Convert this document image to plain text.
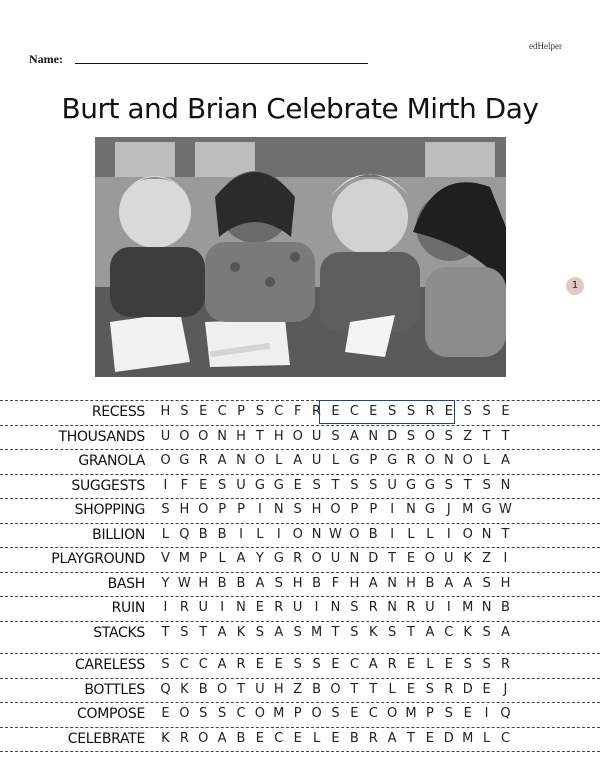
edHelper
Name:
Burt and Brian Celebrate Mirth Day
1
RECESS	H S E C P S C F R E C E S S R E S S E
THOUSANDS	U O O N H T H O U S A N D S O S Z T T
GRANOLA	O G R A N O L A U L G P G R O N O L A
SUGGESTS	I	F E S U G G E S T S S U G G S T S N
SHOPPING	S H O P P	I N S H O P P	I N G J M G W
BILLION	L Q B B I	L	I O N W O B I	L L	I O N T
PLAYGROUND	V M P L A Y G R O U N D T E O U K Z I
BASH	Y W H B B A S H B F H A N H B A A S H
RUIN	I R U I N E R U I N S R N R U I M N B
STACKS	T S T A K S A S M T S K S T A C K S A
CARELESS	S C C A R E E S S E C A R E L E S S R
BOTTLES	Q K B O T U H Z B O T T L E S R D E J
COMPOSE	E O S S C O M P O S E C O M P S E I Q
CELEBRATE	K R O A B E C E L E B R A T E D M L C
